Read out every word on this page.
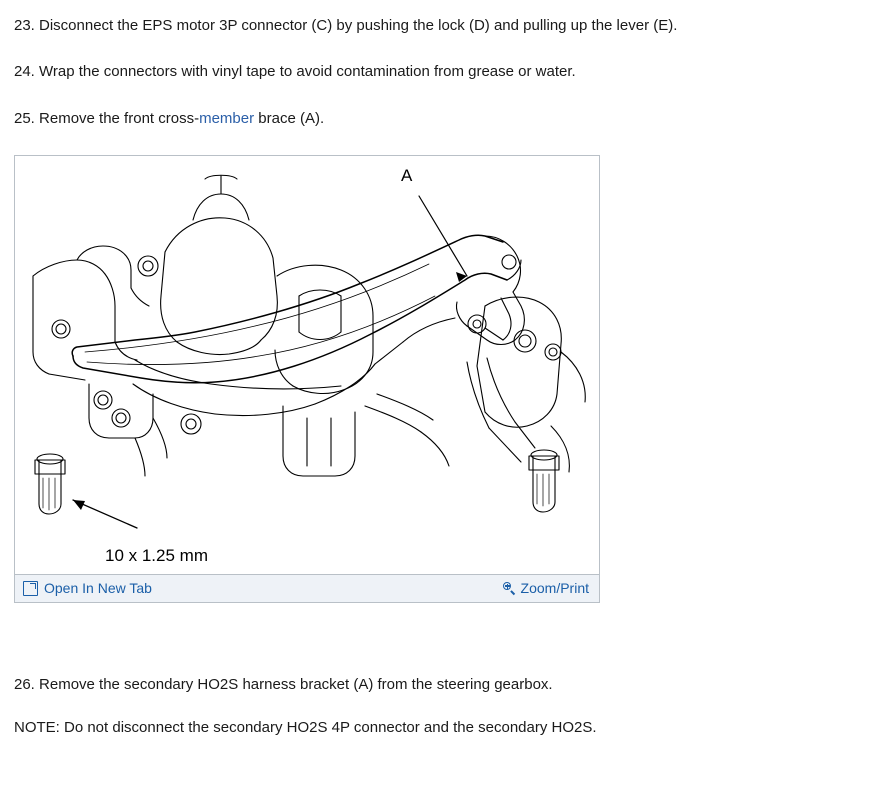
23. Disconnect the EPS motor 3P connector (C) by pushing the lock (D) and pulling up the lever (E).

24. Wrap the connectors with vinyl tape to avoid contamination from grease or water.

25. Remove the front cross-member brace (A).

A
10 x 1.25 mm
Open In New Tab	Zoom/Print

26. Remove the secondary HO2S harness bracket (A) from the steering gearbox.

NOTE: Do not disconnect the secondary HO2S 4P connector and the secondary HO2S.
